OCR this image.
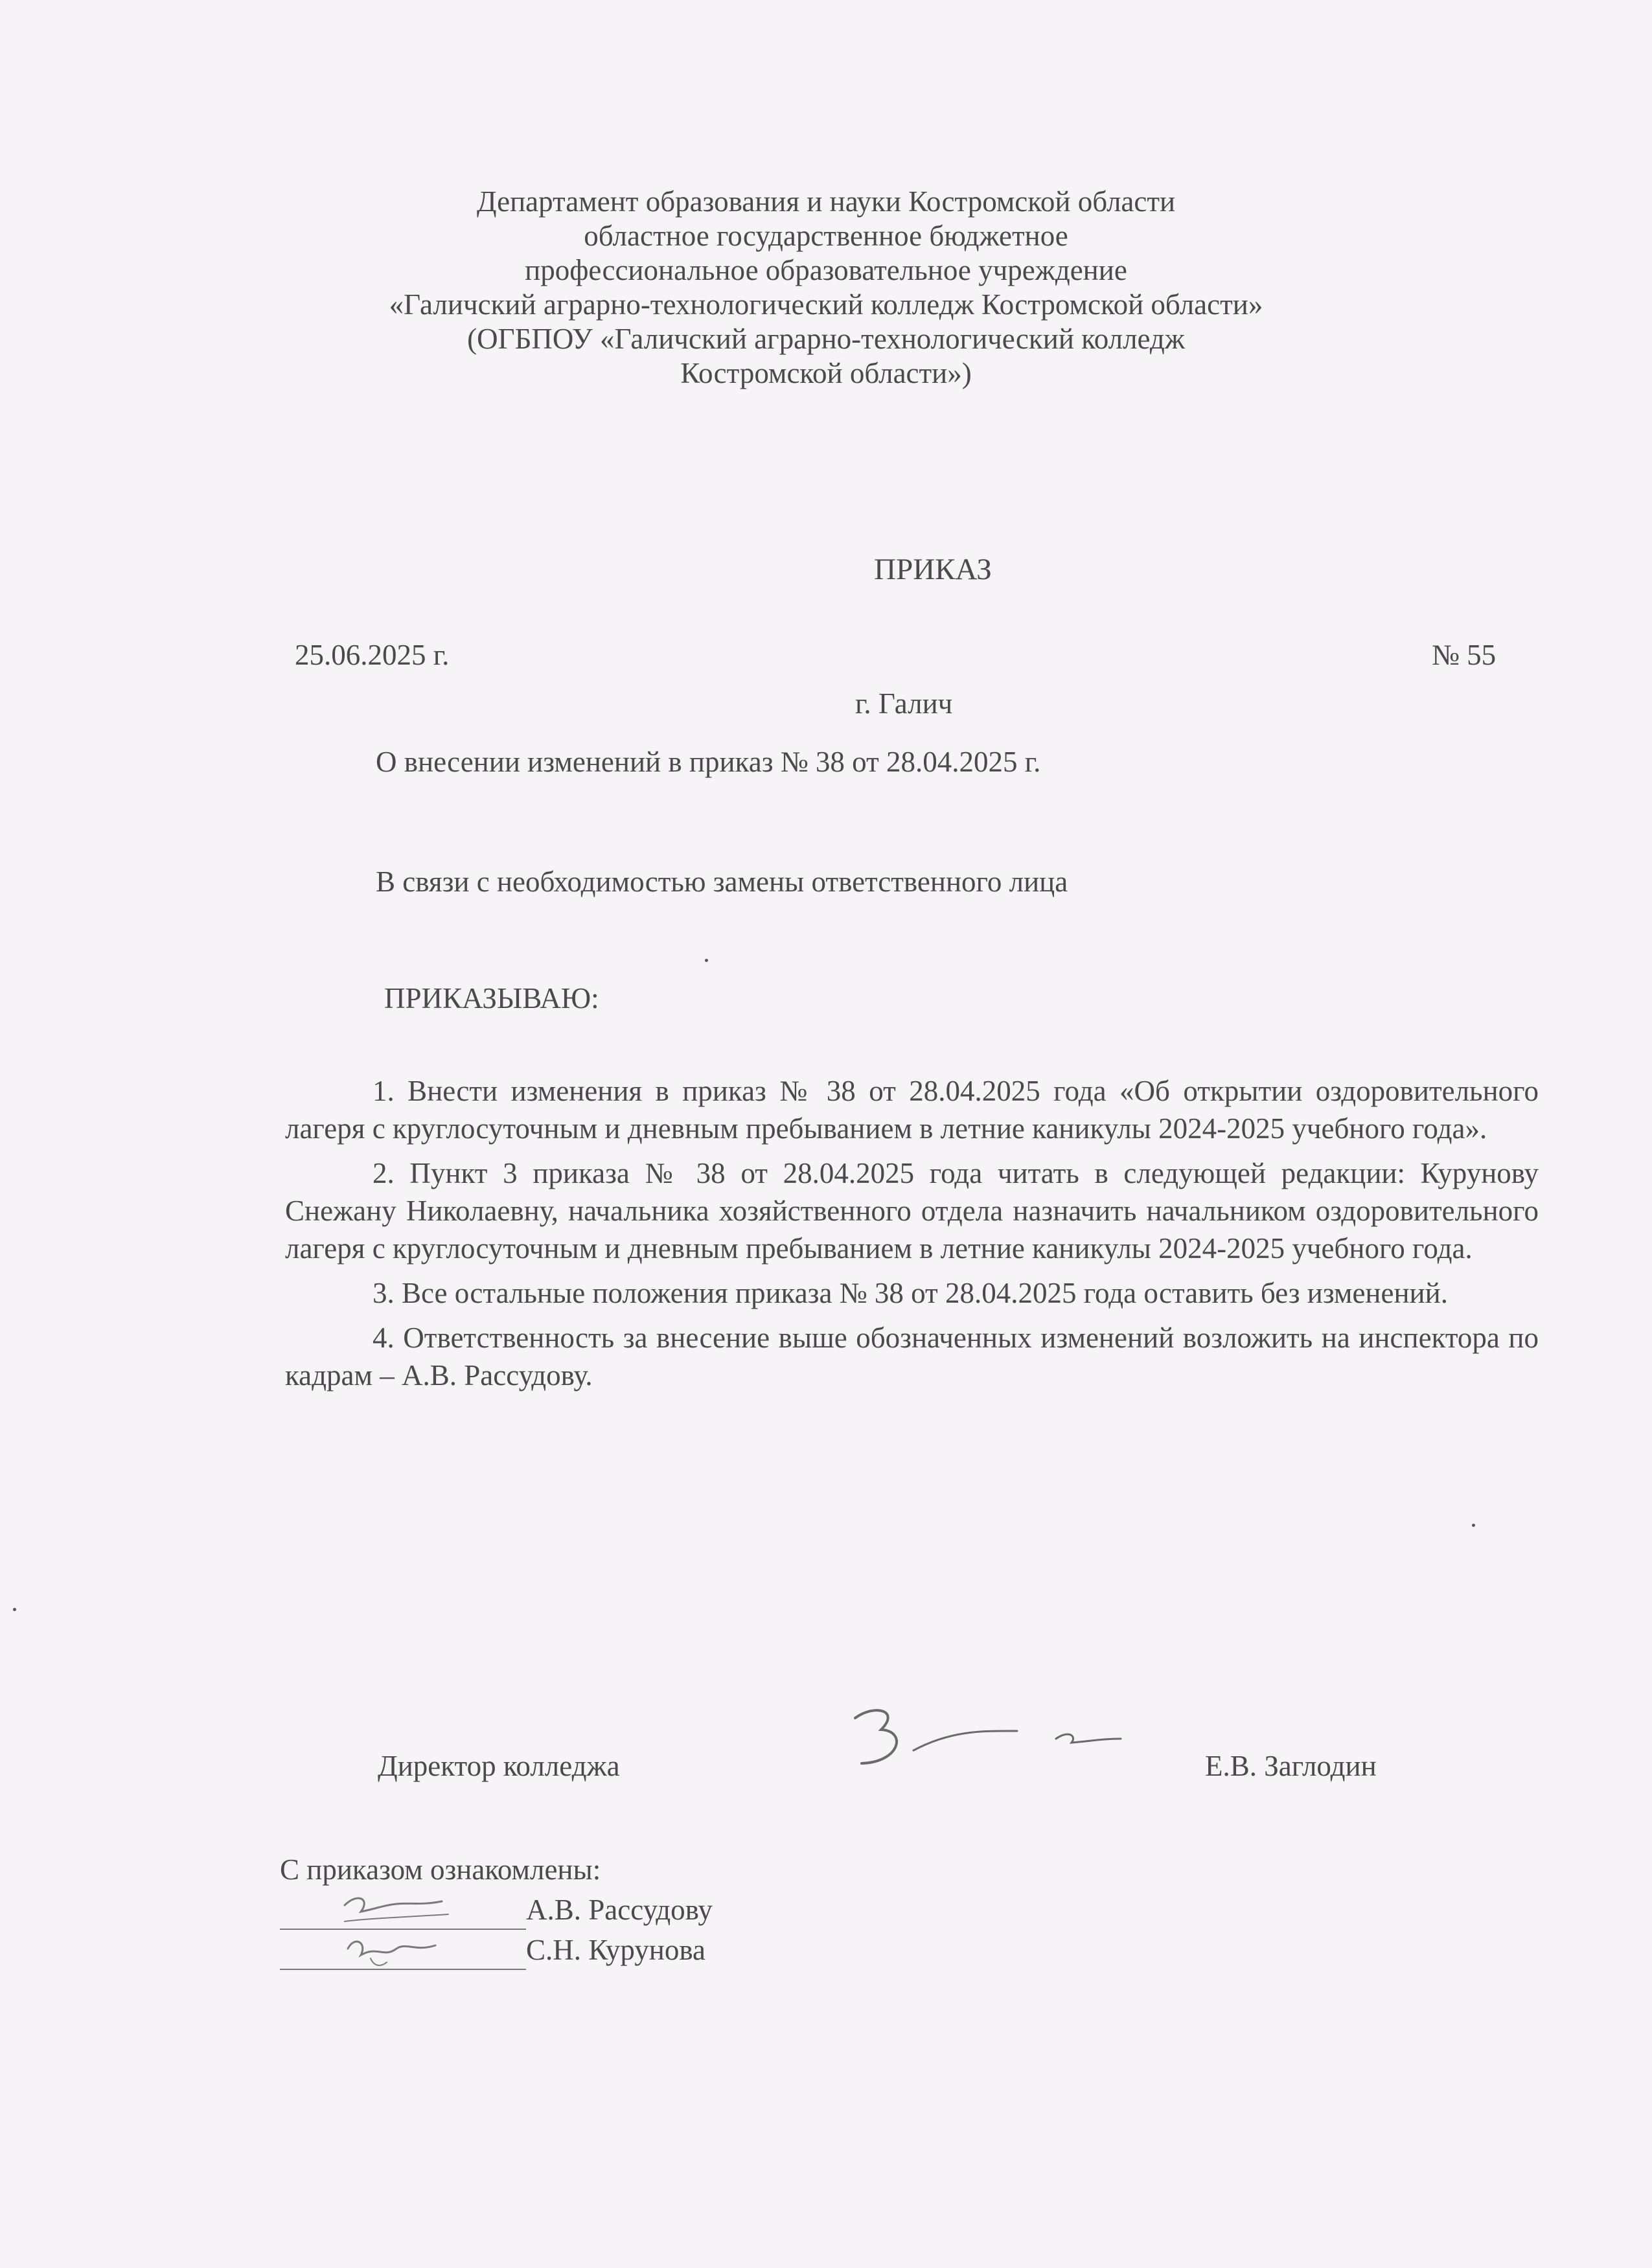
Департамент образования и науки Костромской области
областное государственное бюджетное
профессиональное образовательное учреждение
«Галичский аграрно-технологический колледж Костромской области»
(ОГБПОУ «Галичский аграрно-технологический колледж
Костромской области»)
ПРИКАЗ
25.06.2025 г.	№ 55
г. Галич
О внесении изменений в приказ № 38 от 28.04.2025 г.
В связи с необходимостью замены ответственного лица
ПРИКАЗЫВАЮ:

1. Внести изменения в приказ № 38 от 28.04.2025 года «Об открытии оздоровительного лагеря с круглосуточным и дневным пребыванием в летние каникулы 2024-2025 учебного года».

2. Пункт 3 приказа № 38 от 28.04.2025 года читать в следующей редакции: Курунову Снежану Николаевну, начальника хозяйственного отдела назначить начальником оздоровительного лагеря с круглосуточным и дневным пребыванием в летние каникулы 2024-2025 учебного года.

3. Все остальные положения приказа № 38 от 28.04.2025 года оставить без изменений.

4. Ответственность за внесение выше обозначенных изменений возложить на инспектора по кадрам – А.В. Рассудову.

Директор колледжа	Е.В. Заглодин
С приказом ознакомлены:
А.В. Рассудову
С.Н. Курунова
